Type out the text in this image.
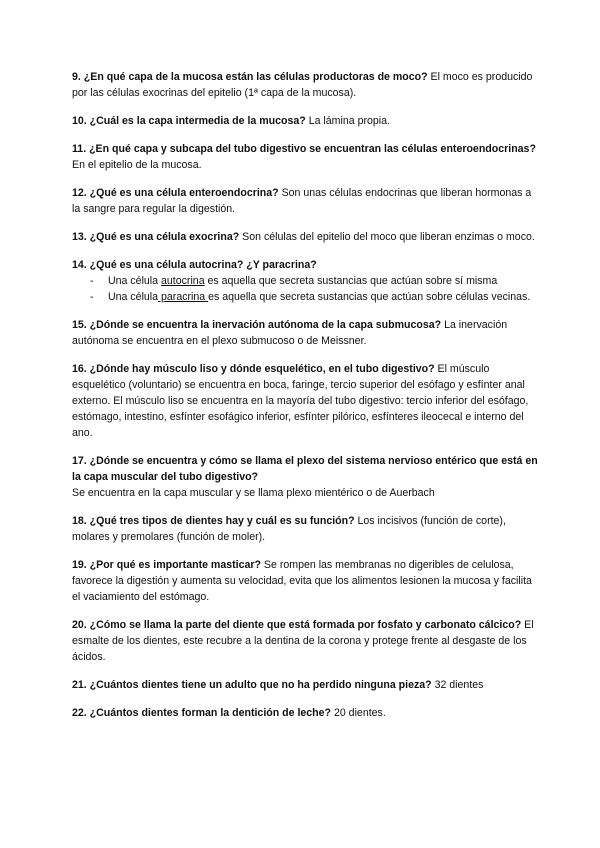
9. ¿En qué capa de la mucosa están las células productoras de moco? El moco es producido por las células exocrinas del epitelio (1ª capa de la mucosa).

10. ¿Cuál es la capa intermedia de la mucosa? La lámina propia.

11. ¿En qué capa y subcapa del tubo digestivo se encuentran las células enteroendocrinas? En el epitelio de la mucosa.

12. ¿Qué es una célula enteroendocrina? Son unas células endocrinas que liberan hormonas a la sangre para regular la digestión.

13. ¿Qué es una célula exocrina? Son células del epitelio del moco que liberan enzimas o moco.

14. ¿Qué es una célula autocrina? ¿Y paracrina?
- Una célula autocrina es aquella que secreta sustancias que actúan sobre sí misma
- Una célula paracrina es aquella que secreta sustancias que actúan sobre células vecinas.

15. ¿Dónde se encuentra la inervación autónoma de la capa submucosa? La inervación autónoma se encuentra en el plexo submucoso o de Meissner.

16. ¿Dónde hay músculo liso y dónde esquelético, en el tubo digestivo? El músculo esquelético (voluntario) se encuentra en boca, faringe, tercio superior del esófago y esfínter anal externo. El músculo liso se encuentra en la mayoría del tubo digestivo: tercio inferior del esófago, estómago, intestino, esfínter esofágico inferior, esfínter pilórico, esfínteres ileocecal e interno del ano.

17. ¿Dónde se encuentra y cómo se llama el plexo del sistema nervioso entérico que está en la capa muscular del tubo digestivo?
Se encuentra en la capa muscular y se llama plexo mientérico o de Auerbach

18. ¿Qué tres tipos de dientes hay y cuál es su función? Los incisivos (función de corte), molares y premolares (función de moler).

19. ¿Por qué es importante masticar? Se rompen las membranas no digeribles de celulosa, favorece la digestión y aumenta su velocidad, evita que los alimentos lesionen la mucosa y facilita el vaciamiento del estómago.

20. ¿Cómo se llama la parte del diente que está formada por fosfato y carbonato cálcico? El esmalte de los dientes, este recubre a la dentina de la corona y protege frente al desgaste de los ácidos.

21. ¿Cuántos dientes tiene un adulto que no ha perdido ninguna pieza? 32 dientes

22. ¿Cuántos dientes forman la dentición de leche? 20 dientes.
